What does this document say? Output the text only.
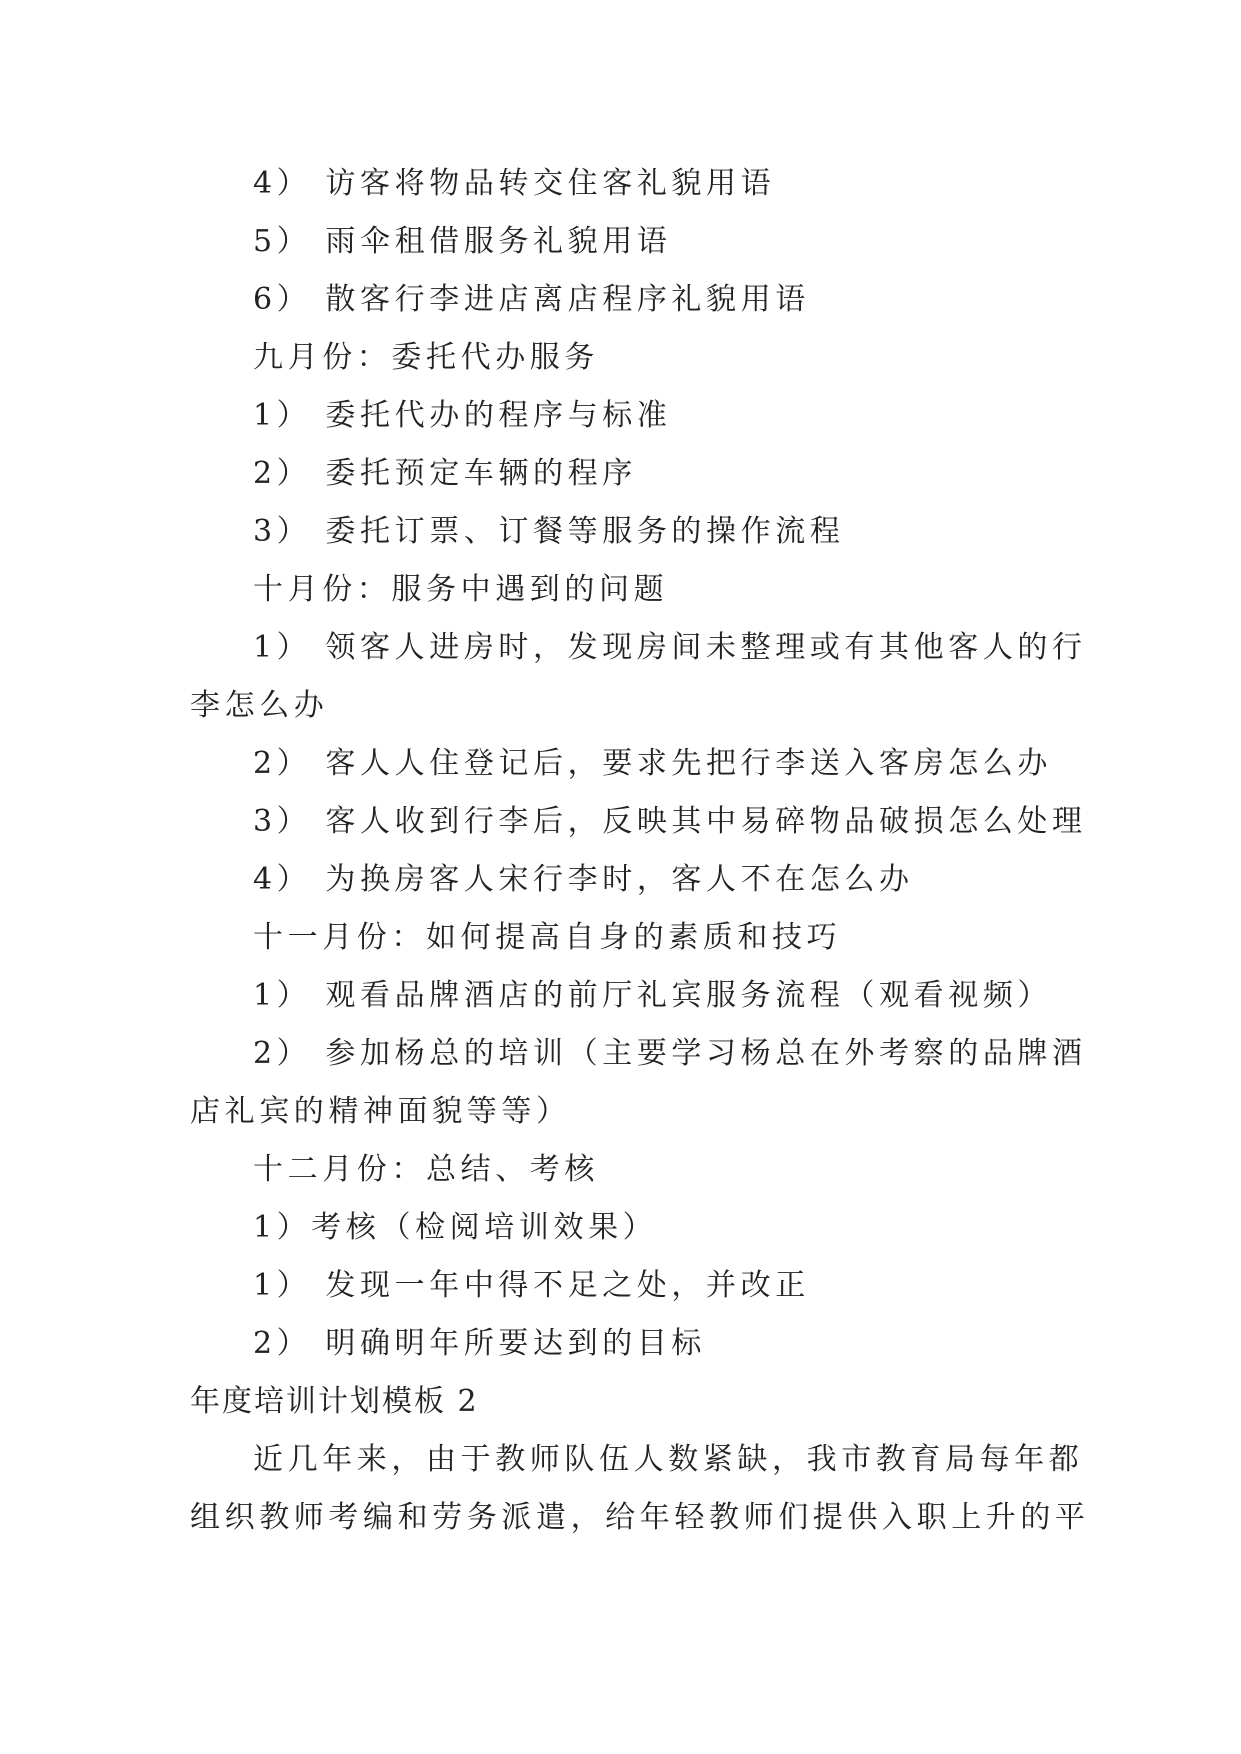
4） 访客将物品转交住客礼貌用语
5） 雨伞租借服务礼貌用语
6） 散客行李进店离店程序礼貌用语
九月份：委托代办服务
1） 委托代办的程序与标准
2） 委托预定车辆的程序
3） 委托订票、订餐等服务的操作流程
十月份：服务中遇到的问题
1） 领客人进房时，发现房间未整理或有其他客人的行
李怎么办
2） 客人人住登记后，要求先把行李送入客房怎么办
3） 客人收到行李后，反映其中易碎物品破损怎么处理
4） 为换房客人宋行李时，客人不在怎么办
十一月份：如何提高自身的素质和技巧
1） 观看品牌酒店的前厅礼宾服务流程（观看视频）
2） 参加杨总的培训（主要学习杨总在外考察的品牌酒
店礼宾的精神面貌等等）
十二月份：总结、考核
1）考核（检阅培训效果）
1） 发现一年中得不足之处，并改正
2） 明确明年所要达到的目标
年度培训计划模板 2
近几年来，由于教师队伍人数紧缺，我市教育局每年都
组织教师考编和劳务派遣，给年轻教师们提供入职上升的平
